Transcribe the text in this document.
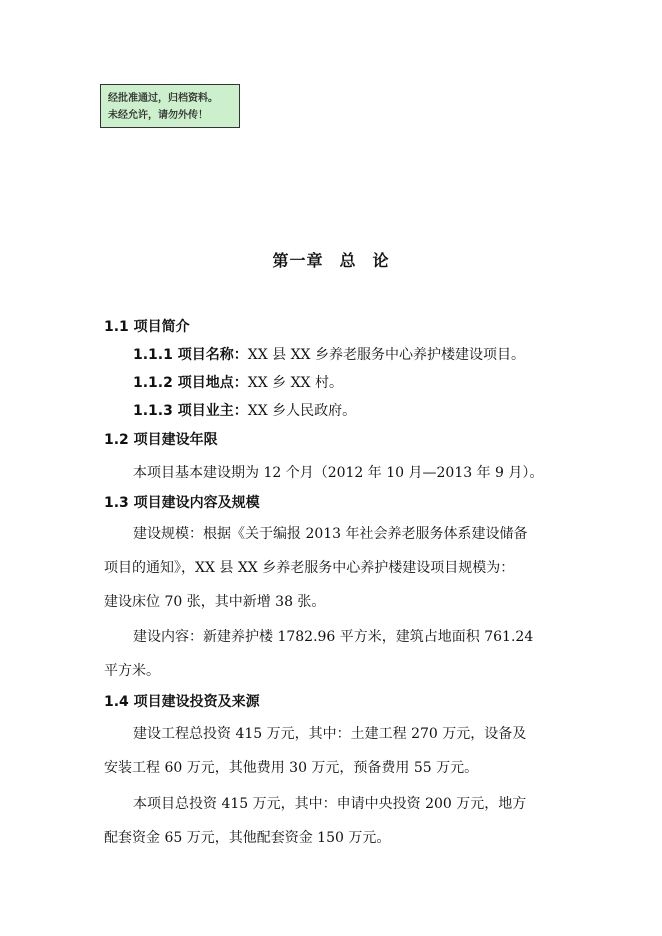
经批准通过，归档资料。
未经允许，请勿外传！
第一章 总 论
1.1 项目简介
1.1.1 项目名称：XX 县 XX 乡养老服务中心养护楼建设项目。
1.1.2 项目地点：XX 乡 XX 村。
1.1.3 项目业主：XX 乡人民政府。
1.2 项目建设年限
本项目基本建设期为 12 个月（2012 年 10 月—2013 年 9 月）。
1.3 项目建设内容及规模
建设规模：根据《关于编报 2013 年社会养老服务体系建设储备
项目的通知》，XX 县 XX 乡养老服务中心养护楼建设项目规模为：
建设床位 70 张，其中新增 38 张。
建设内容：新建养护楼 1782.96 平方米，建筑占地面积 761.24
平方米。
1.4 项目建设投资及来源
建设工程总投资 415 万元，其中：土建工程 270 万元，设备及
安装工程 60 万元，其他费用 30 万元，预备费用 55 万元。
本项目总投资 415 万元，其中：申请中央投资 200 万元，地方
配套资金 65 万元，其他配套资金 150 万元。
